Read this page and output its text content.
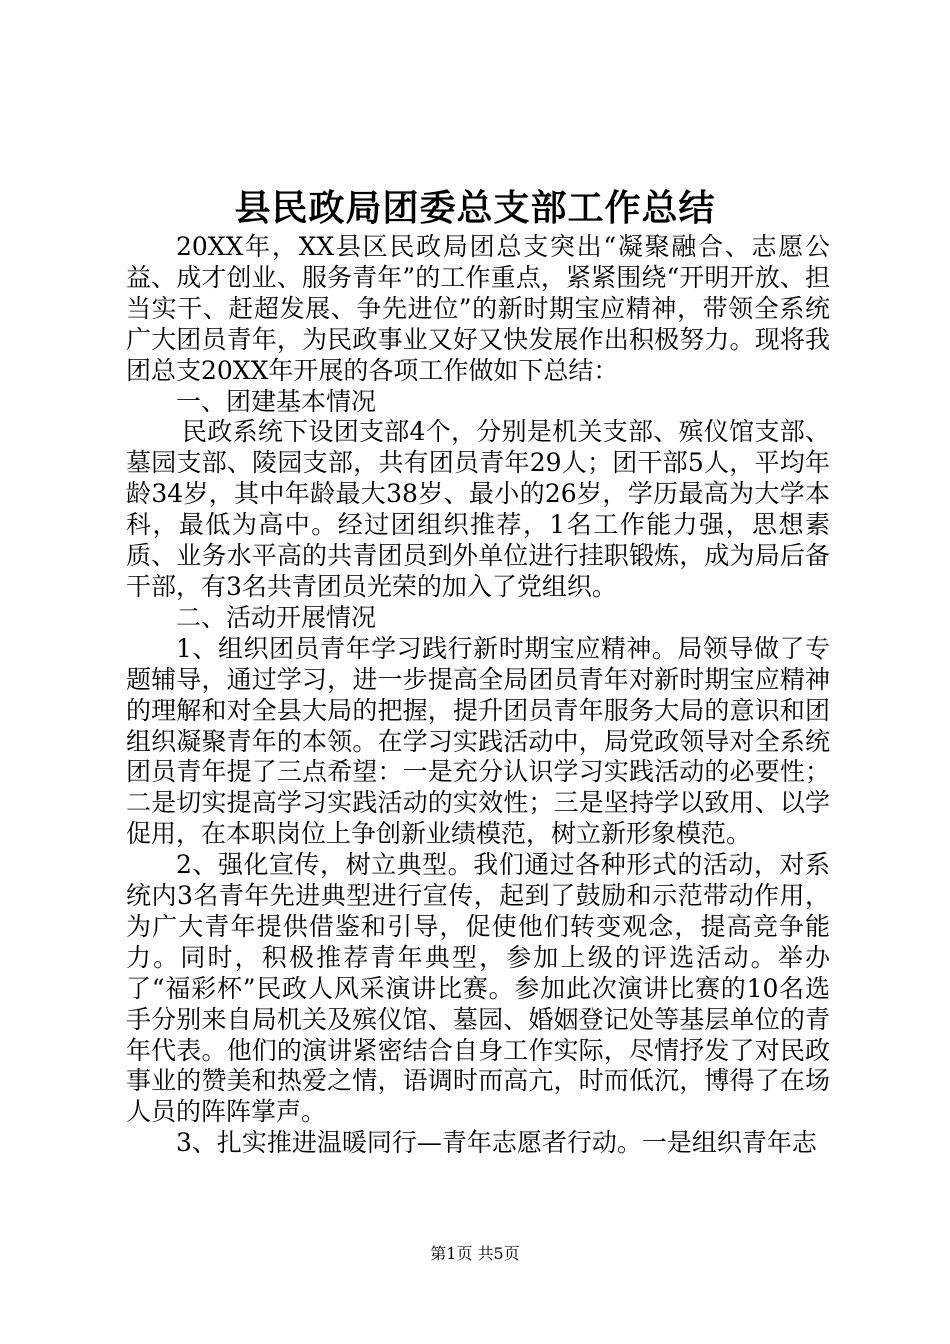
县民政局团委总支部工作总结

20XX年，XX县区民政局团总支突出“凝聚融合、志愿公益、成才创业、服务青年”的工作重点，紧紧围绕“开明开放、担当实干、赶超发展、争先进位”的新时期宝应精神，带领全系统广大团员青年，为民政事业又好又快发展作出积极努力。现将我团总支20XX年开展的各项工作做如下总结：

一、团建基本情况

民政系统下设团支部4个，分别是机关支部、殡仪馆支部、墓园支部、陵园支部，共有团员青年29人；团干部5人，平均年龄34岁，其中年龄最大38岁、最小的26岁，学历最高为大学本科，最低为高中。经过团组织推荐，1名工作能力强，思想素质、业务水平高的共青团员到外单位进行挂职锻炼，成为局后备干部，有3名共青团员光荣的加入了党组织。

二、活动开展情况

1、组织团员青年学习践行新时期宝应精神。局领导做了专题辅导，通过学习，进一步提高全局团员青年对新时期宝应精神的理解和对全县大局的把握，提升团员青年服务大局的意识和团组织凝聚青年的本领。在学习实践活动中，局党政领导对全系统团员青年提了三点希望：一是充分认识学习实践活动的必要性；二是切实提高学习实践活动的实效性；三是坚持学以致用、以学促用，在本职岗位上争创新业绩模范，树立新形象模范。

2、强化宣传，树立典型。我们通过各种形式的活动，对系统内3名青年先进典型进行宣传，起到了鼓励和示范带动作用，为广大青年提供借鉴和引导，促使他们转变观念，提高竞争能力。同时，积极推荐青年典型，参加上级的评选活动。举办了“福彩杯”民政人风采演讲比赛。参加此次演讲比赛的10名选手分别来自局机关及殡仪馆、墓园、婚姻登记处等基层单位的青年代表。他们的演讲紧密结合自身工作实际，尽情抒发了对民政事业的赞美和热爱之情，语调时而高亢，时而低沉，博得了在场人员的阵阵掌声。

3、扎实推进温暖同行—青年志愿者行动。一是组织青年志

第1页 共5页
